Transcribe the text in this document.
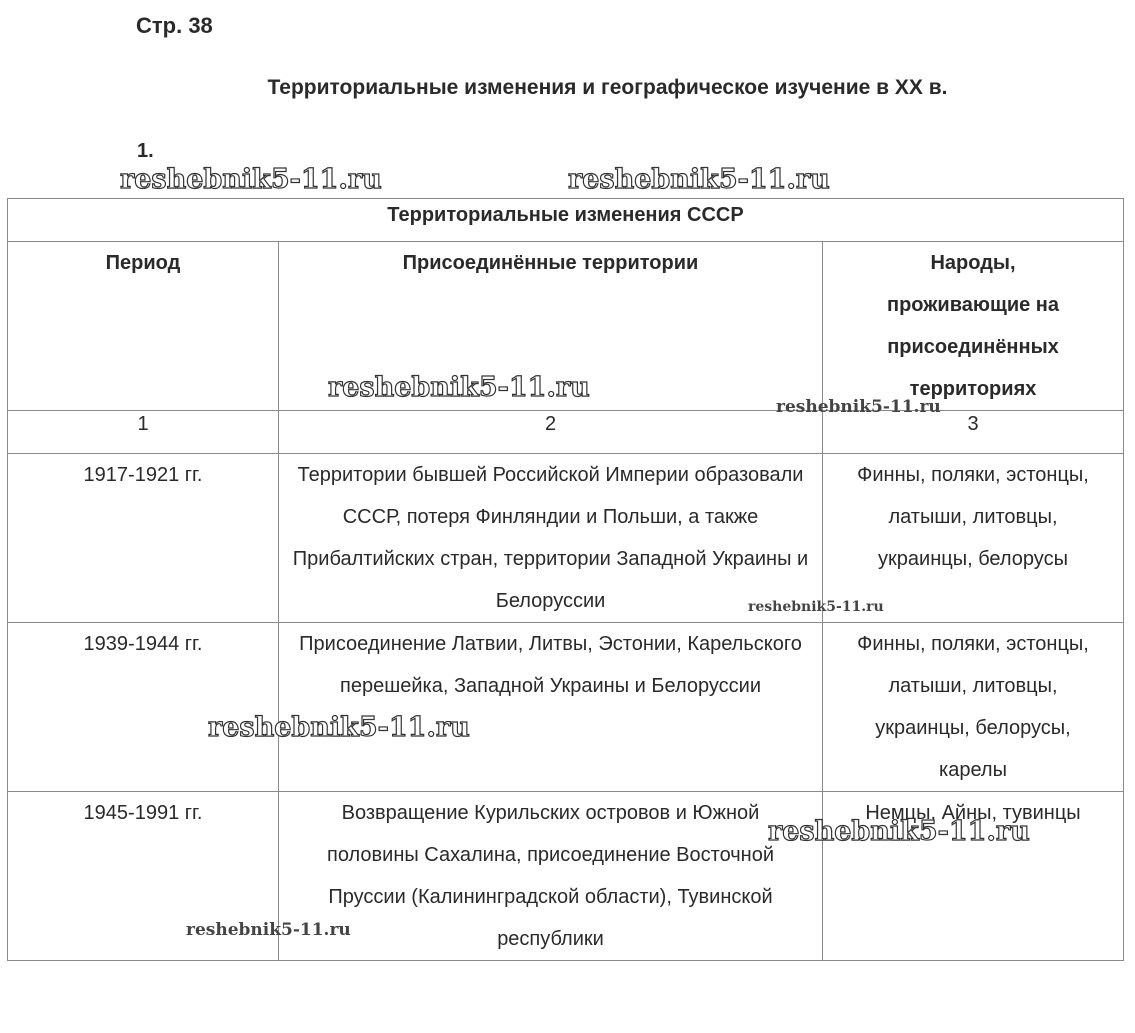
Стр. 38
Территориальные изменения и географическое изучение в XX в.
1.
Территориальные изменения СССР		
Период	Присоединённые территории	Народы, проживающие на присоединённых территориях
1	2	3
1917-1921 гг.	Территории бывшей Российской Империи образовали СССР, потеря Финляндии и Польши, а также Прибалтийских стран, территории Западной Украины и Белоруссии	Финны, поляки, эстонцы, латыши, литовцы, украинцы, белорусы
1939-1944 гг.	Присоединение Латвии, Литвы, Эстонии, Карельского перешейка, Западной Украины и Белоруссии	Финны, поляки, эстонцы, латыши, литовцы, украинцы, белорусы, карелы
1945-1991 гг.	Возвращение Курильских островов и Южной половины Сахалина, присоединение Восточной Пруссии (Калининградской области), Тувинской республики	Немцы, Айны, тувинцы
reshebnik5-11.ru	reshebnik5-11.ru
reshebnik5-11.ru
reshebnik5-11.ru
reshebnik5-11.ru
reshebnik5-11.ru
reshebnik5-11.ru
reshebnik5-11.ru
